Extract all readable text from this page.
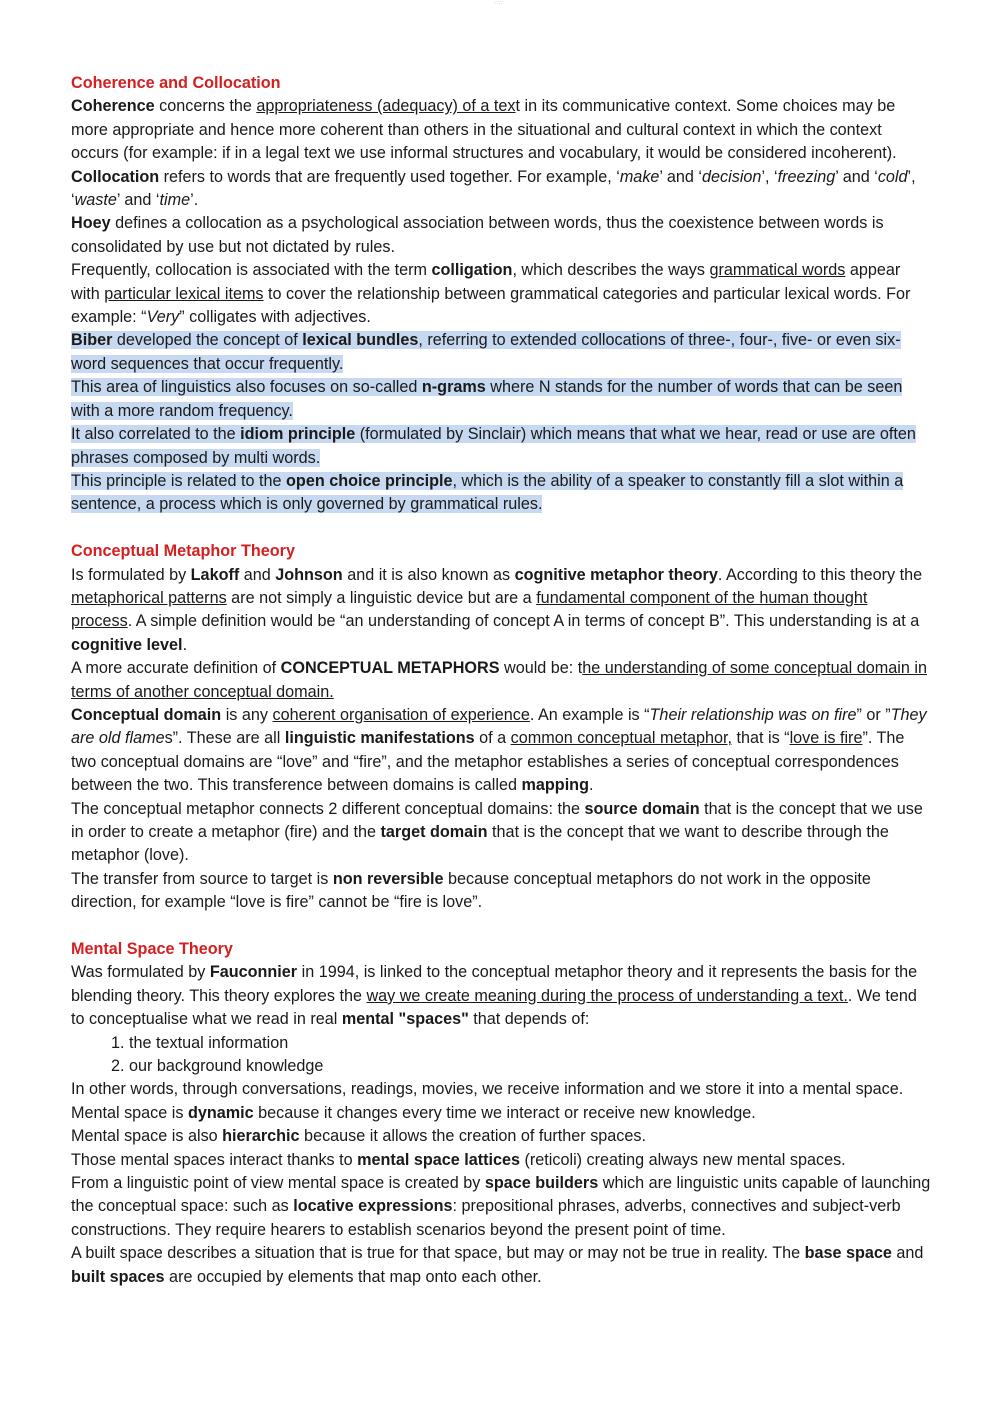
∵∴∵

Coherence and Collocation

Coherence concerns the appropriateness (adequacy) of a text in its communicative context. Some choices may be more appropriate and hence more coherent than others in the situational and cultural context in which the context occurs (for example: if in a legal text we use informal structures and vocabulary, it would be considered incoherent).

Collocation refers to words that are frequently used together. For example, ‘make’ and ‘decision’, ‘freezing’ and ‘cold’, ‘waste’ and ‘time’.

Hoey defines a collocation as a psychological association between words, thus the coexistence between words is consolidated by use but not dictated by rules.

Frequently, collocation is associated with the term colligation, which describes the ways grammatical words appear with particular lexical items to cover the relationship between grammatical categories and particular lexical words. For example: “Very” colligates with adjectives.

Biber developed the concept of lexical bundles, referring to extended collocations of three-, four-, five- or even six-word sequences that occur frequently.

This area of linguistics also focuses on so-called n-grams where N stands for the number of words that can be seen with a more random frequency.

It also correlated to the idiom principle (formulated by Sinclair) which means that what we hear, read or use are often phrases composed by multi words.

This principle is related to the open choice principle, which is the ability of a speaker to constantly fill a slot within a sentence, a process which is only governed by grammatical rules.

Conceptual Metaphor Theory

Is formulated by Lakoff and Johnson and it is also known as cognitive metaphor theory. According to this theory the metaphorical patterns are not simply a linguistic device but are a fundamental component of the human thought process. A simple definition would be “an understanding of concept A in terms of concept B”. This understanding is at a cognitive level.

A more accurate definition of CONCEPTUAL METAPHORS would be: the understanding of some conceptual domain in terms of another conceptual domain.

Conceptual domain is any coherent organisation of experience. An example is “Their relationship was on fire” or ”They are old flames”. These are all linguistic manifestations of a common conceptual metaphor, that is “love is fire”. The two conceptual domains are “love” and “fire”, and the metaphor establishes a series of conceptual correspondences between the two. This transference between domains is called mapping.

The conceptual metaphor connects 2 different conceptual domains: the source domain that is the concept that we use in order to create a metaphor (fire) and the target domain that is the concept that we want to describe through the metaphor (love).

The transfer from source to target is non reversible because conceptual metaphors do not work in the opposite direction, for example “love is fire” cannot be “fire is love”.

Mental Space Theory

Was formulated by Fauconnier in 1994, is linked to the conceptual metaphor theory and it represents the basis for the blending theory. This theory explores the way we create meaning during the process of understanding a text.. We tend to conceptualise what we read in real mental "spaces" that depends of:

1. the textual information
2. our background knowledge

In other words, through conversations, readings, movies, we receive information and we store it into a mental space. Mental space is dynamic because it changes every time we interact or receive new knowledge.

Mental space is also hierarchic because it allows the creation of further spaces.

Those mental spaces interact thanks to mental space lattices (reticoli) creating always new mental spaces.

From a linguistic point of view mental space is created by space builders which are linguistic units capable of launching the conceptual space: such as locative expressions: prepositional phrases, adverbs, connectives and subject-verb constructions. They require hearers to establish scenarios beyond the present point of time.

A built space describes a situation that is true for that space, but may or may not be true in reality. The base space and built spaces are occupied by elements that map onto each other.
